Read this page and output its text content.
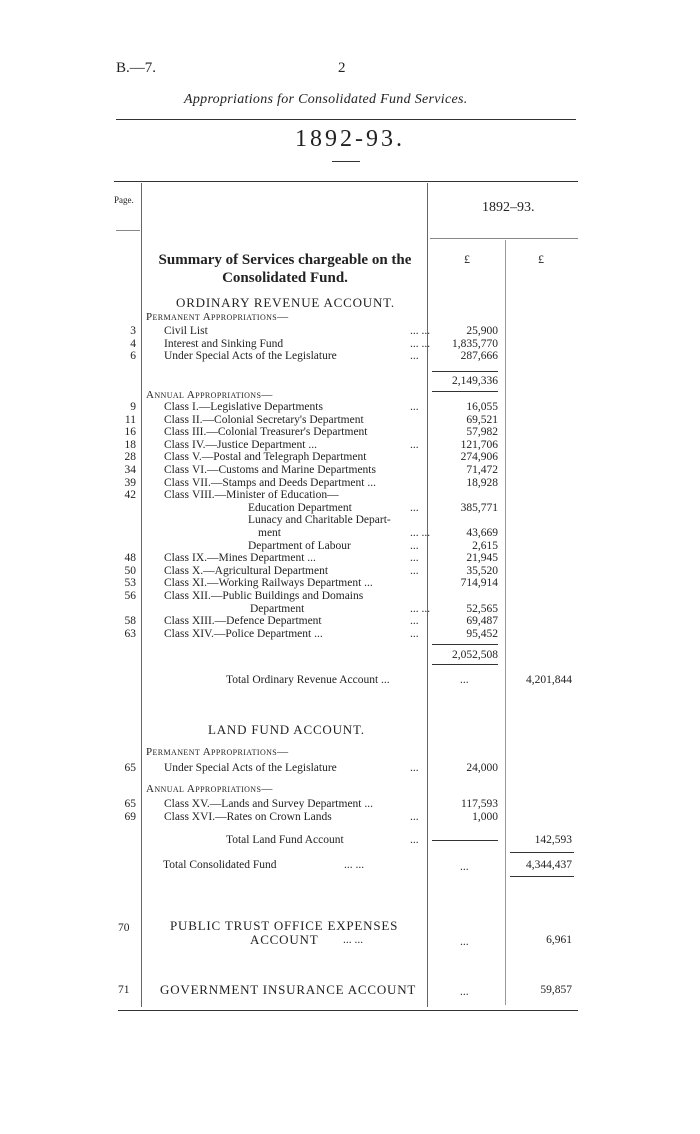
B.—7.	2
Appropriations for Consolidated Fund Services.
1892-93.
Page.	1892–93.
£	£
Summary of Services chargeable on the Consolidated Fund.
ORDINARY REVENUE ACCOUNT.
Permanent Appropriations—
3 Civil List	... ...	25,900
4 Interest and Sinking Fund	... ...	1,835,770
6 Under Special Acts of the Legislature	...	287,666
2,149,336
Annual Appropriations—
9 Class I.—Legislative Departments	...	16,055
11 Class II.—Colonial Secretary's Department	69,521
16 Class III.—Colonial Treasurer's Department	57,982
18 Class IV.—Justice Department ...	...	121,706
28 Class V.—Postal and Telegraph Department	274,906
34 Class VI.—Customs and Marine Departments	71,472
39 Class VII.—Stamps and Deeds Department ...	18,928
42 Class VIII.—Minister of Education—
Education Department	...	385,771
Lunacy and Charitable Depart-
ment	... ...	43,669
Department of Labour	...	2,615
48 Class IX.—Mines Department ...	...	21,945
50 Class X.—Agricultural Department	...	35,520
53 Class XI.—Working Railways Department ...	714,914
56 Class XII.—Public Buildings and Domains
Department	... ...	52,565
58 Class XIII.—Defence Department	...	69,487
63 Class XIV.—Police Department ...	...	95,452
2,052,508
Total Ordinary Revenue Account ...	...	4,201,844
LAND FUND ACCOUNT.
Permanent Appropriations—
65 Under Special Acts of the Legislature	...	24,000
Annual Appropriations—
65 Class XV.—Lands and Survey Department ...	117,593
69 Class XVI.—Rates on Crown Lands	...	1,000
Total Land Fund Account	...	142,593
Total Consolidated Fund	... ...	...	4,344,437
70	PUBLIC TRUST OFFICE EXPENSES
ACCOUNT ... ...	...	6,961
71 GOVERNMENT INSURANCE ACCOUNT	...	59,857
